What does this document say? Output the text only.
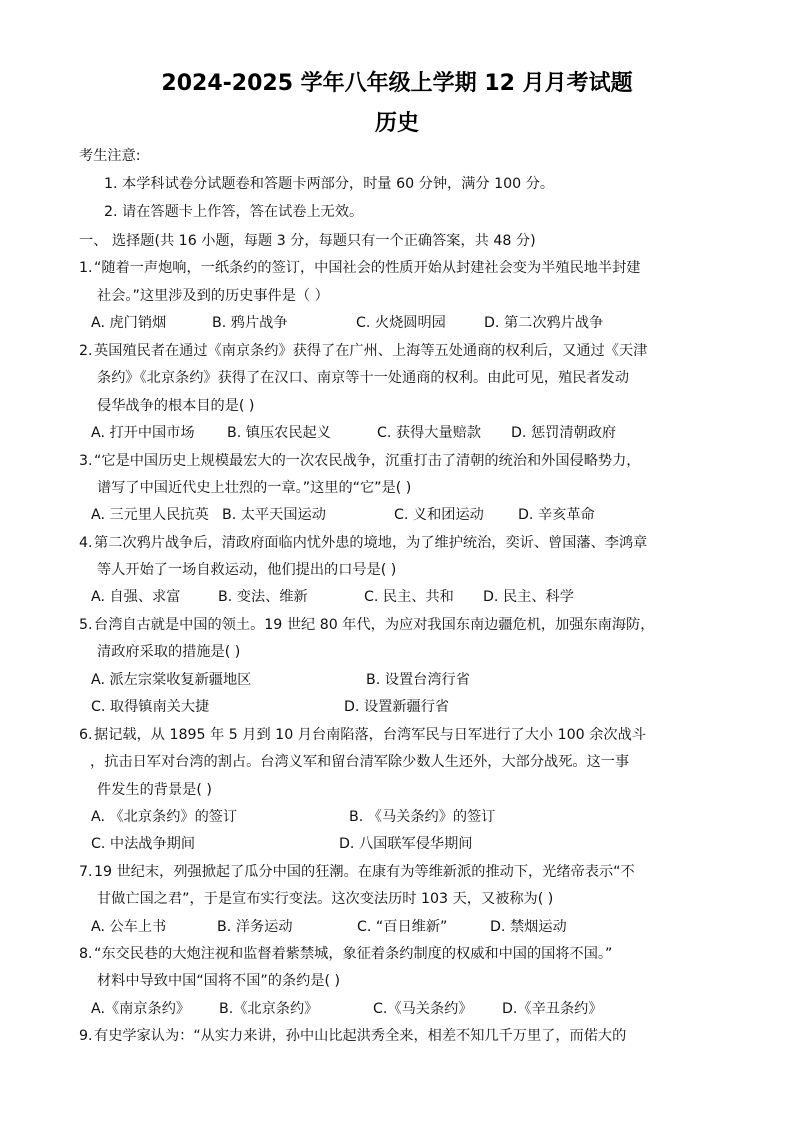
2024-2025 学年八年级上学期 12 月月考试题
历史
考生注意:
1. 本学科试卷分试题卷和答题卡两部分，时量 60 分钟，满分 100 分。
2. 请在答题卡上作答，答在试卷上无效。
一、 选择题(共 16 小题，每题 3 分，每题只有一个正确答案，共 48 分)
1. “随着一声炮响，一纸条约的签订，中国社会的性质开始从封建社会变为半殖民地半封建
社会。”这里涉及到的历史事件是（ ）
A. 虎门销烟	B. 鸦片战争	C. 火烧圆明园	D. 第二次鸦片战争
2. 英国殖民者在通过《南京条约》获得了在广州、上海等五处通商的权利后，又通过《天津
条约》《北京条约》获得了在汉口、南京等十一处通商的权利。由此可见，殖民者发动
侵华战争的根本目的是( )
A. 打开中国市场 B. 镇压农民起义	C. 获得大量赔款 D. 惩罚清朝政府
3. “它是中国历史上规模最宏大的一次农民战争，沉重打击了清朝的统治和外国侵略势力，
谱写了中国近代史上壮烈的一章。”这里的“它”是( )
A. 三元里人民抗英 B. 太平天国运动	C. 义和团运动 D. 辛亥革命
4. 第二次鸦片战争后，清政府面临内忧外患的境地，为了维护统治，奕䜣、曾国藩、李鸿章
等人开始了一场自救运动，他们提出的口号是( )
A. 自强、求富	B. 变法、维新	C. 民主、共和 D. 民主、科学
5. 台湾自古就是中国的领土。19 世纪 80 年代，为应对我国东南边疆危机，加强东南海防，
清政府采取的措施是( )
A. 派左宗棠收复新疆地区	B. 设置台湾行省
C. 取得镇南关大捷	D. 设置新疆行省
6. 据记载，从 1895 年 5 月到 10 月台南陷落，台湾军民与日军进行了大小 100 余次战斗
，抗击日军对台湾的割占。台湾义军和留台清军除少数人生还外，大部分战死。这一事
件发生的背景是( )
A. 《北京条约》的签订	B. 《马关条约》的签订
C. 中法战争期间	D. 八国联军侵华期间
7. 19 世纪末，列强掀起了瓜分中国的狂潮。在康有为等维新派的推动下，光绪帝表示“不
甘做亡国之君”，于是宣布实行变法。这次变法历时 103 天，又被称为( )
A. 公车上书	B. 洋务运动	C. “百日维新”	D. 禁烟运动
8. “东交民巷的大炮注视和监督着紫禁城，象征着条约制度的权威和中国的国将不国。”
材料中导致中国“国将不国”的条约是( )
A.《南京条约》 B.《北京条约》	C.《马关条约》 D.《辛丑条约》
9. 有史学家认为：“从实力来讲，孙中山比起洪秀全来，相差不知几千万里了，而偌大的
